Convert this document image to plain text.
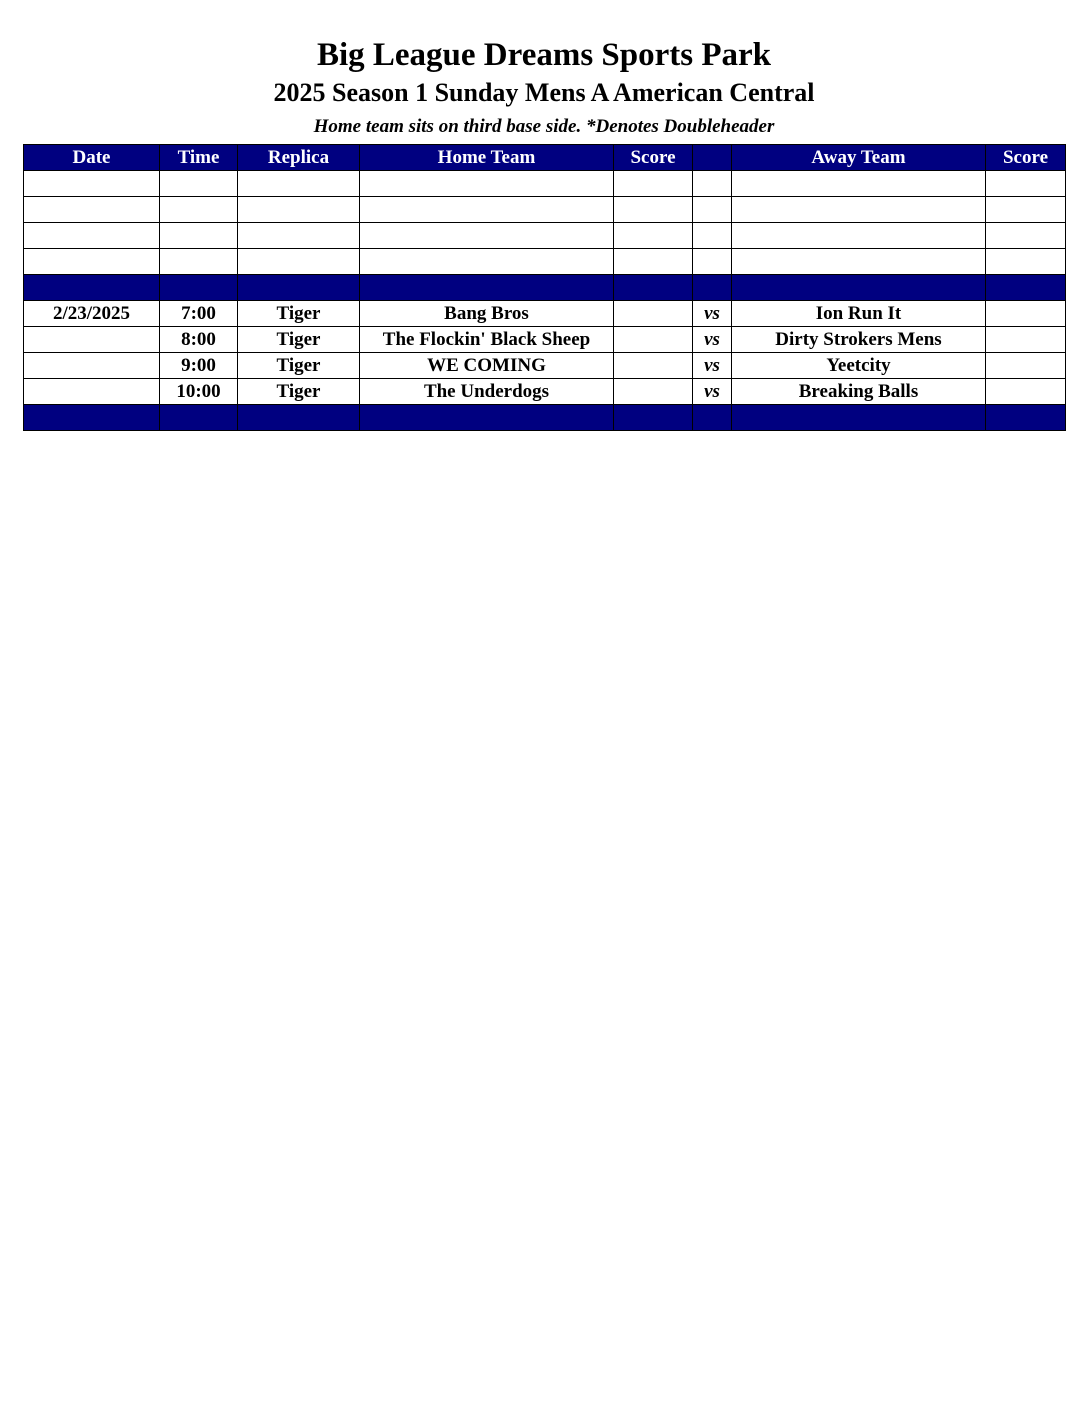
Big League Dreams Sports Park
2025 Season 1 Sunday Mens A American Central
Home team sits on third base side. *Denotes Doubleheader
Date	Time	Replica	Home Team	Score		Away Team	Score

2/23/2025	7:00	Tiger	Bang Bros		vs	Ion Run It	
	8:00	Tiger	The Flockin' Black Sheep		vs	Dirty Strokers Mens	
	9:00	Tiger	WE COMING		vs	Yeetcity	
	10:00	Tiger	The Underdogs		vs	Breaking Balls	
